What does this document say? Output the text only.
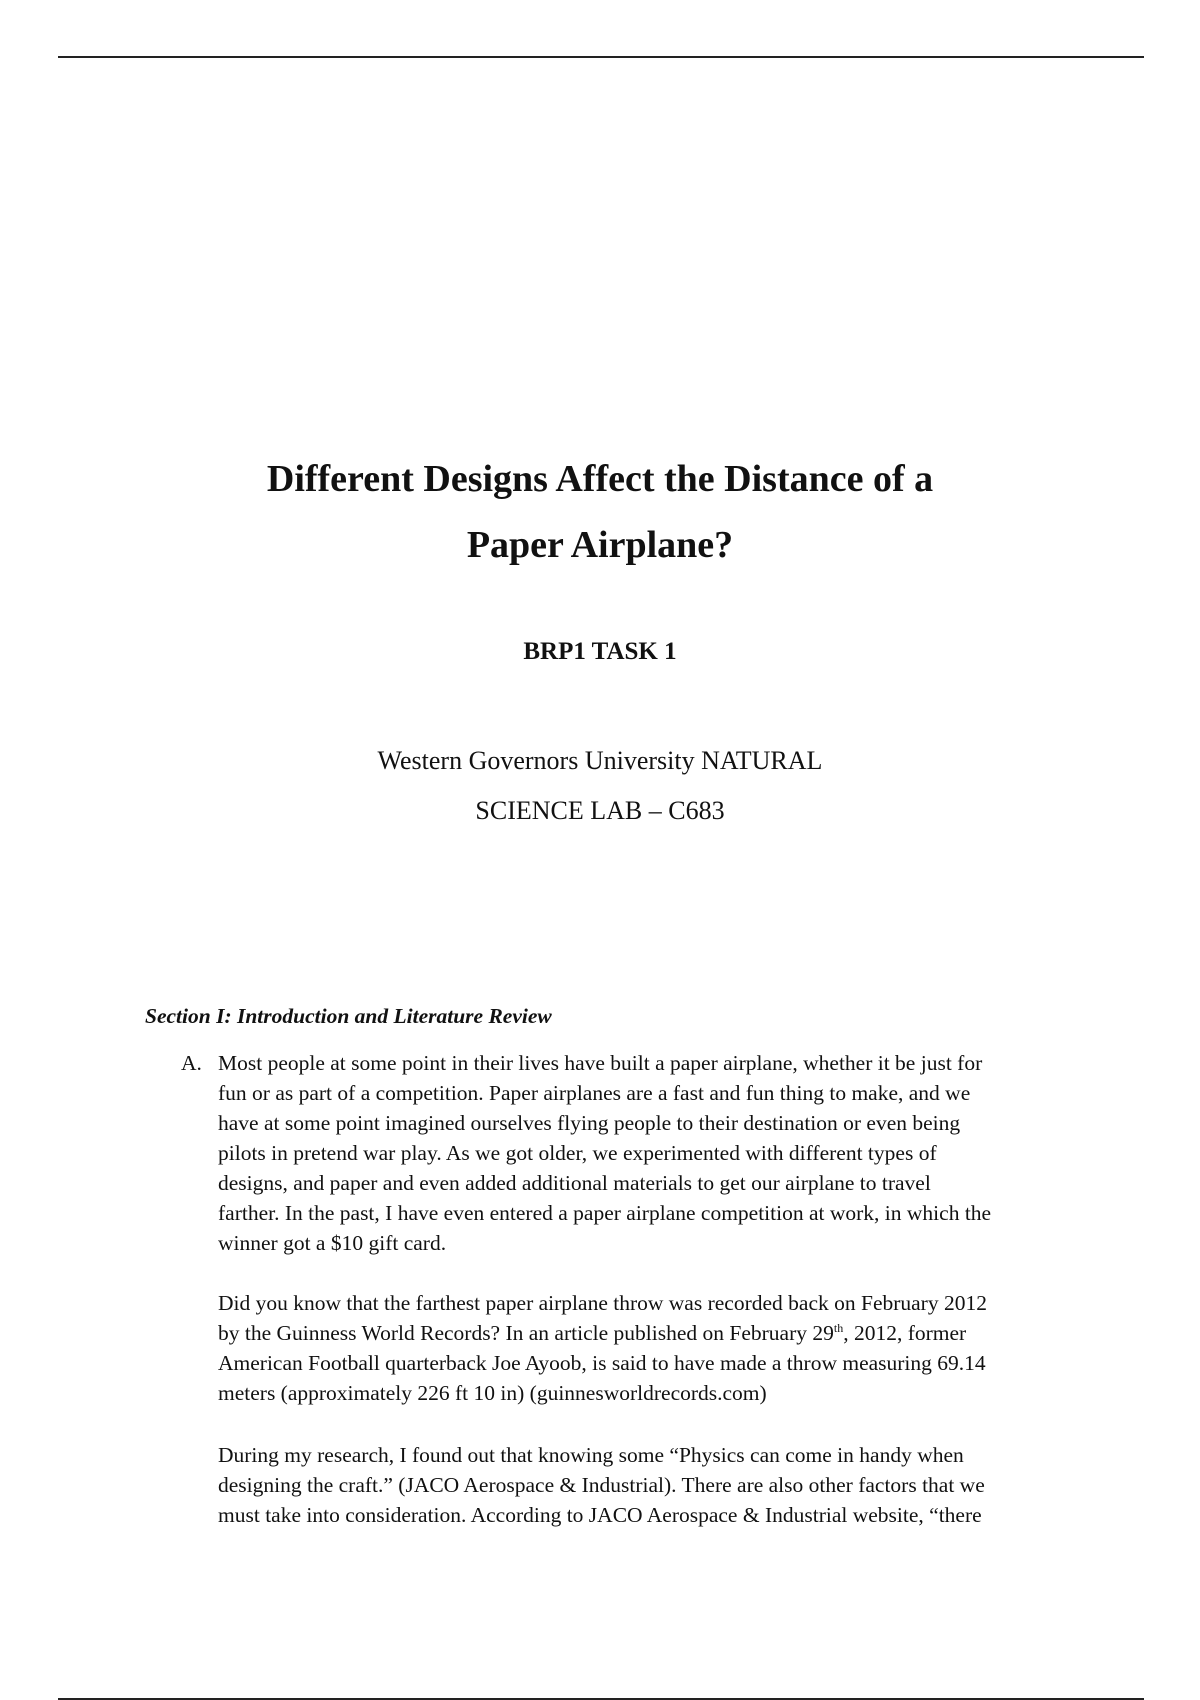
Different Designs Affect the Distance of a
Paper Airplane?
BRP1 TASK 1
Western Governors University NATURAL
SCIENCE LAB – C683
Section I: Introduction and Literature Review
A. Most people at some point in their lives have built a paper airplane, whether it be just for
fun or as part of a competition. Paper airplanes are a fast and fun thing to make, and we
have at some point imagined ourselves flying people to their destination or even being
pilots in pretend war play. As we got older, we experimented with different types of
designs, and paper and even added additional materials to get our airplane to travel
farther. In the past, I have even entered a paper airplane competition at work, in which the
winner got a $10 gift card.
Did you know that the farthest paper airplane throw was recorded back on February 2012
by the Guinness World Records? In an article published on February 29th, 2012, former
American Football quarterback Joe Ayoob, is said to have made a throw measuring 69.14
meters (approximately 226 ft 10 in) (guinnesworldrecords.com)
During my research, I found out that knowing some “Physics can come in handy when
designing the craft.” (JACO Aerospace & Industrial). There are also other factors that we
must take into consideration. According to JACO Aerospace & Industrial website, “there
